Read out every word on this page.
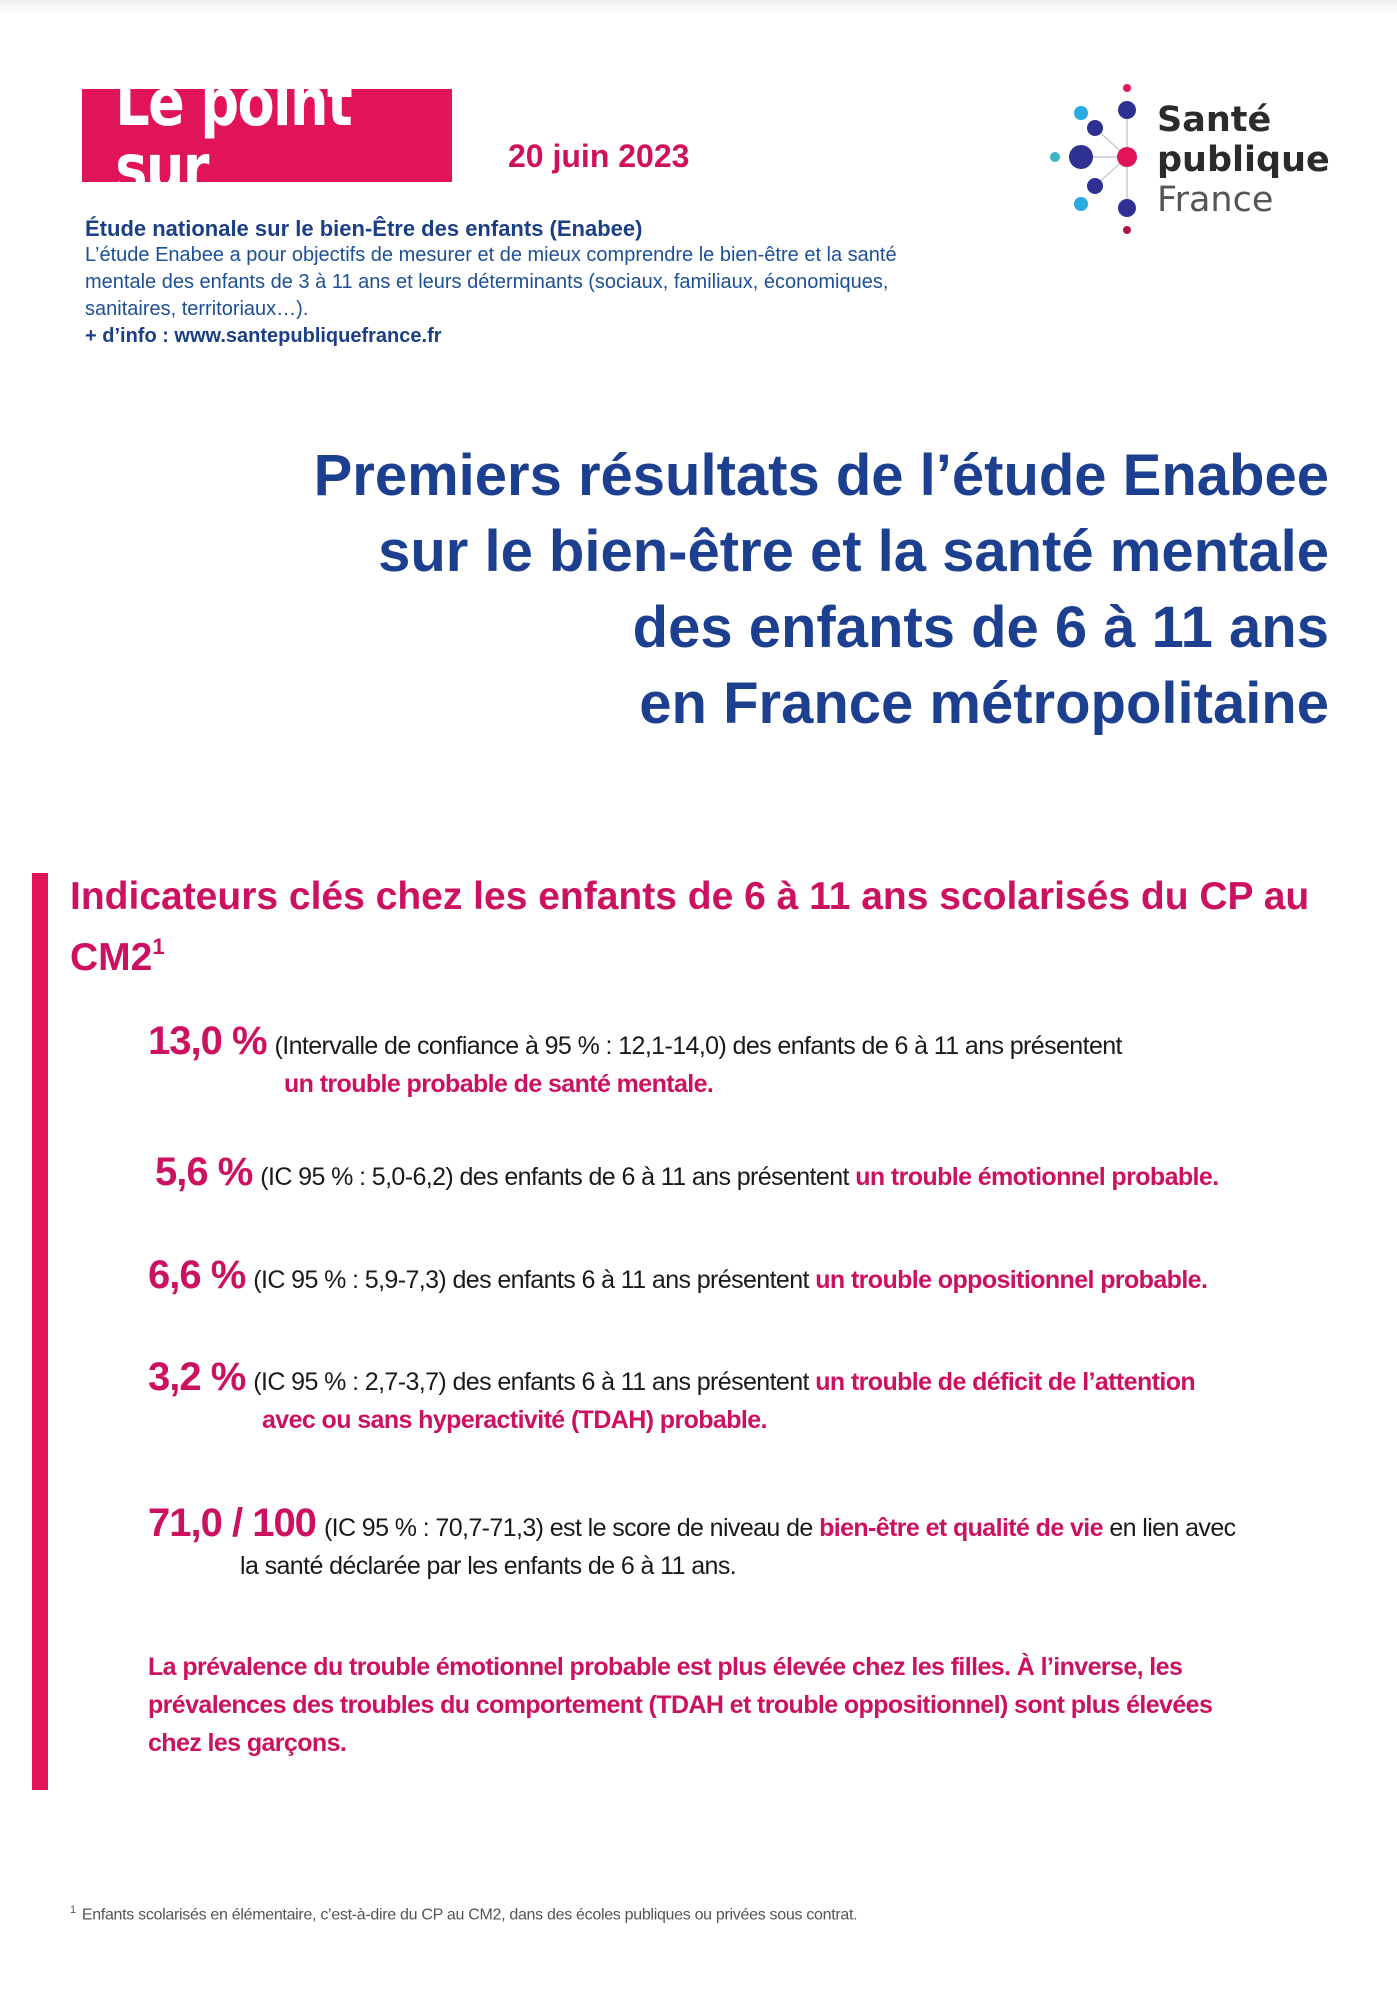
Le point sur	20 juin 2023
Santé
publique
France
Étude nationale sur le bien-Être des enfants (Enabee)
L’étude Enabee a pour objectifs de mesurer et de mieux comprendre le bien-être et la santé mentale des enfants de 3 à 11 ans et leurs déterminants (sociaux, familiaux, économiques, sanitaires, territoriaux…).
+ d’info : www.santepubliquefrance.fr
Premiers résultats de l’étude Enabee
sur le bien-être et la santé mentale
des enfants de 6 à 11 ans
en France métropolitaine
Indicateurs clés chez les enfants de 6 à 11 ans scolarisés du CP au $CM2^1$
13,0 % (Intervalle de confiance à 95 % : 12,1-14,0) des enfants de 6 à 11 ans présentent
un trouble probable de santé mentale.
5,6 % (IC 95 % : 5,0-6,2) des enfants de 6 à 11 ans présentent un trouble émotionnel probable.
6,6 % (IC 95 % : 5,9-7,3) des enfants 6 à 11 ans présentent un trouble oppositionnel probable.
3,2 % (IC 95 % : 2,7-3,7) des enfants 6 à 11 ans présentent un trouble de déficit de l’attention
avec ou sans hyperactivité (TDAH) probable.
71,0 / 100 (IC 95 % : 70,7-71,3) est le score de niveau de bien-être et qualité de vie en lien avec
la santé déclarée par les enfants de 6 à 11 ans.
La prévalence du trouble émotionnel probable est plus élevée chez les filles. À l’inverse, les prévalences des troubles du comportement (TDAH et trouble oppositionnel) sont plus élevées chez les garçons.
$^1$ Enfants scolarisés en élémentaire, c’est-à-dire du CP au CM2, dans des écoles publiques ou privées sous contrat.
